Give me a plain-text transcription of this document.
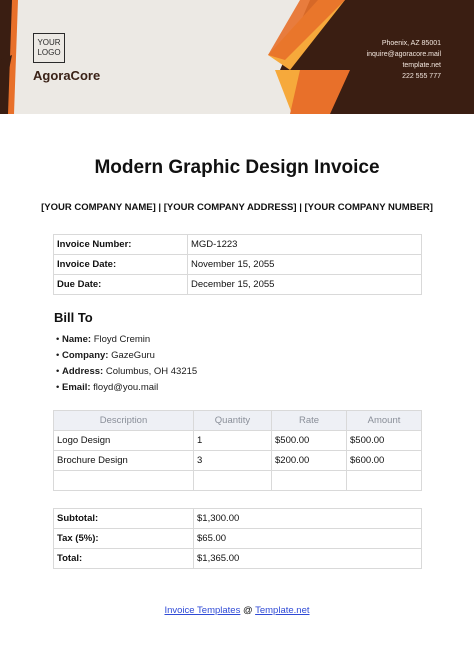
YOUR LOGO
AgoraCore
Phoenix, AZ 85001
inquire@agoracore.mail
template.net
222 555 777
Modern Graphic Design Invoice
[YOUR COMPANY NAME] | [YOUR COMPANY ADDRESS] | [YOUR COMPANY NUMBER]
Invoice Number:	MGD-1223
Invoice Date:	November 15, 2055
Due Date:	December 15, 2055
Bill To
• Name: Floyd Cremin
• Company: GazeGuru
• Address: Columbus, OH 43215
• Email: floyd@you.mail
Description	Quantity	Rate	Amount
Logo Design	1	$500.00	$500.00
Brochure Design	3	$200.00	$600.00

Subtotal:	$1,300.00
Tax (5%):	$65.00
Total:	$1,365.00
Invoice Templates @ Template.net
